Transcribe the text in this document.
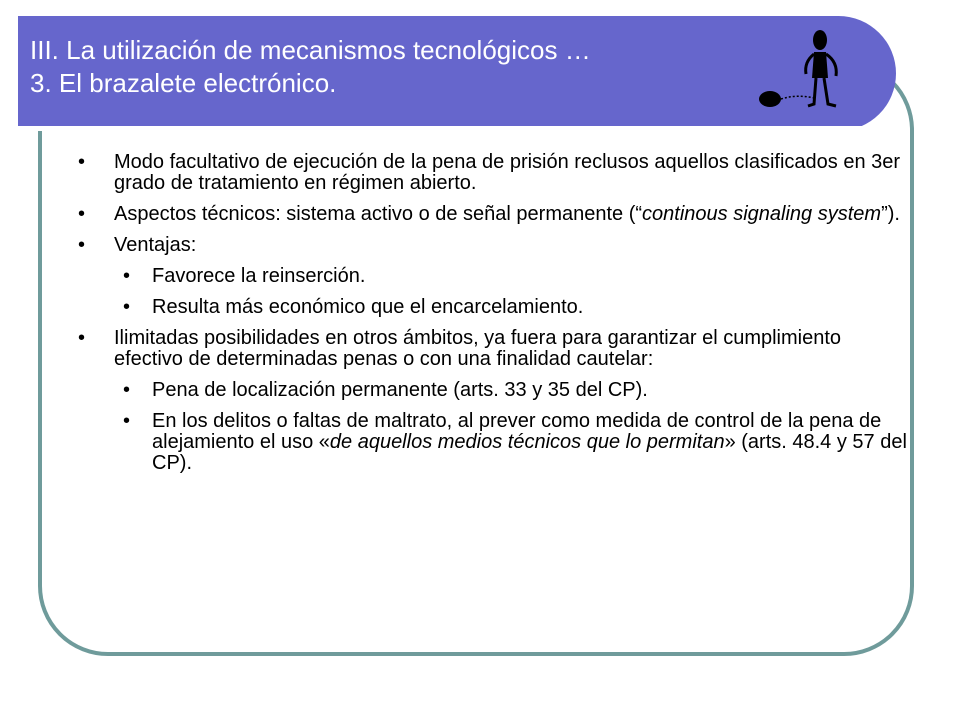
III. La utilización de mecanismos tecnológicos …
3. El brazalete electrónico.
• Modo facultativo de ejecución de la pena de prisión reclusos aquellos clasificados en 3er grado de tratamiento en régimen abierto.
• Aspectos técnicos: sistema activo o de señal permanente (“continous signaling system”).
• Ventajas:
• Favorece la reinserción.
• Resulta más económico que el encarcelamiento.
• Ilimitadas posibilidades en otros ámbitos, ya fuera para garantizar el cumplimiento efectivo de determinadas penas o con una finalidad cautelar:
• Pena de localización permanente (arts. 33 y 35 del CP).
• En los delitos o faltas de maltrato, al prever como medida de control de la pena de alejamiento el uso «de aquellos medios técnicos que lo permitan» (arts. 48.4 y 57 del CP).
